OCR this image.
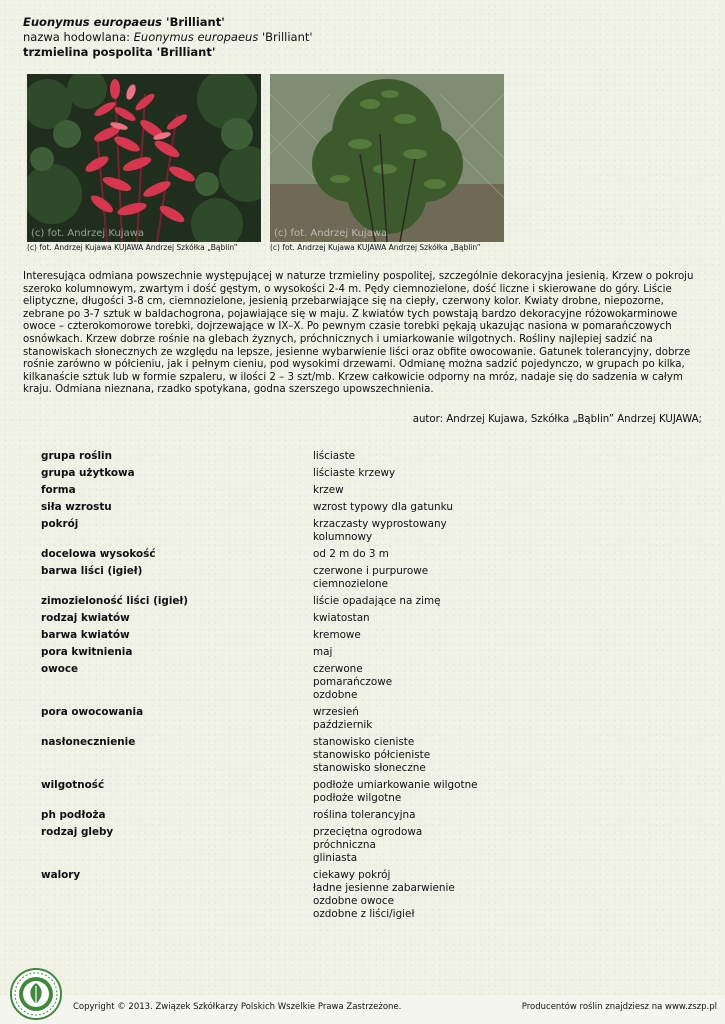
Euonymus europaeus 'Brilliant'
nazwa hodowlana: Euonymus europaeus 'Brilliant'
trzmielina pospolita 'Brilliant'
(c) fot. Andrzej Kujawa
(c) fot. Andrzej Kujawa KUJAWA Andrzej Szkółka „Bąblin”
(c) fot. Andrzej Kujawa
(c) fot. Andrzej Kujawa KUJAWA Andrzej Szkółka „Bąblin”
Interesująca odmiana powszechnie występującej w naturze trzmieliny pospolitej, szczególnie dekoracyjna jesienią. Krzew o pokroju szeroko kolumnowym, zwartym i dość gęstym, o wysokości 2-4 m. Pędy ciemnozielone, dość liczne i skierowane do góry. Liście eliptyczne, długości 3-8 cm, ciemnozielone, jesienią przebarwiające się na ciepły, czerwony kolor. Kwiaty drobne, niepozorne, zebrane po 3-7 sztuk w baldachogrona, pojawiające się w maju. Z kwiatów tych powstają bardzo dekoracyjne różowokarminowe owoce – czterokomorowe torebki, dojrzewające w IX–X. Po pewnym czasie torebki pękają ukazując nasiona w pomarańczowych osnówkach. Krzew dobrze rośnie na glebach żyznych, próchnicznych i umiarkowanie wilgotnych. Rośliny najlepiej sadzić na stanowiskach słonecznych ze względu na lepsze, jesienne wybarwienie liści oraz obfite owocowanie. Gatunek tolerancyjny, dobrze rośnie zarówno w półcieniu, jak i pełnym cieniu, pod wysokimi drzewami. Odmianę można sadzić pojedynczo, w grupach po kilka, kilkanaście sztuk lub w formie szpaleru, w ilości 2 – 3 szt/mb. Krzew całkowicie odporny na mróz, nadaje się do sadzenia w całym kraju. Odmiana nieznana, rzadko spotykana, godna szerszego upowszechnienia.
autor: Andrzej Kujawa, Szkółka „Bąblin” Andrzej KUJAWA;
grupa roślin	liściaste
grupa użytkowa	liściaste krzewy
forma	krzew
siła wzrostu	wzrost typowy dla gatunku
pokrój	krzaczasty wyprostowany
kolumnowy
docelowa wysokość	od 2 m do 3 m
barwa liści (igieł)	czerwone i purpurowe
ciemnozielone
zimozieloność liści (igieł)	liście opadające na zimę
rodzaj kwiatów	kwiatostan
barwa kwiatów	kremowe
pora kwitnienia	maj
owoce	czerwone
pomarańczowe
ozdobne
pora owocowania	wrzesień
październik
nasłonecznienie	stanowisko cieniste
stanowisko półcieniste
stanowisko słoneczne
wilgotność	podłoże umiarkowanie wilgotne
podłoże wilgotne
ph podłoża	roślina tolerancyjna
rodzaj gleby	przeciętna ogrodowa
próchniczna
gliniasta
walory	ciekawy pokrój
ładne jesienne zabarwienie
ozdobne owoce
ozdobne z liści/igieł
Copyright © 2013. Związek Szkółkarzy Polskich Wszelkie Prawa Zastrzeżone.	Producentów roślin znajdziesz na www.zszp.pl
